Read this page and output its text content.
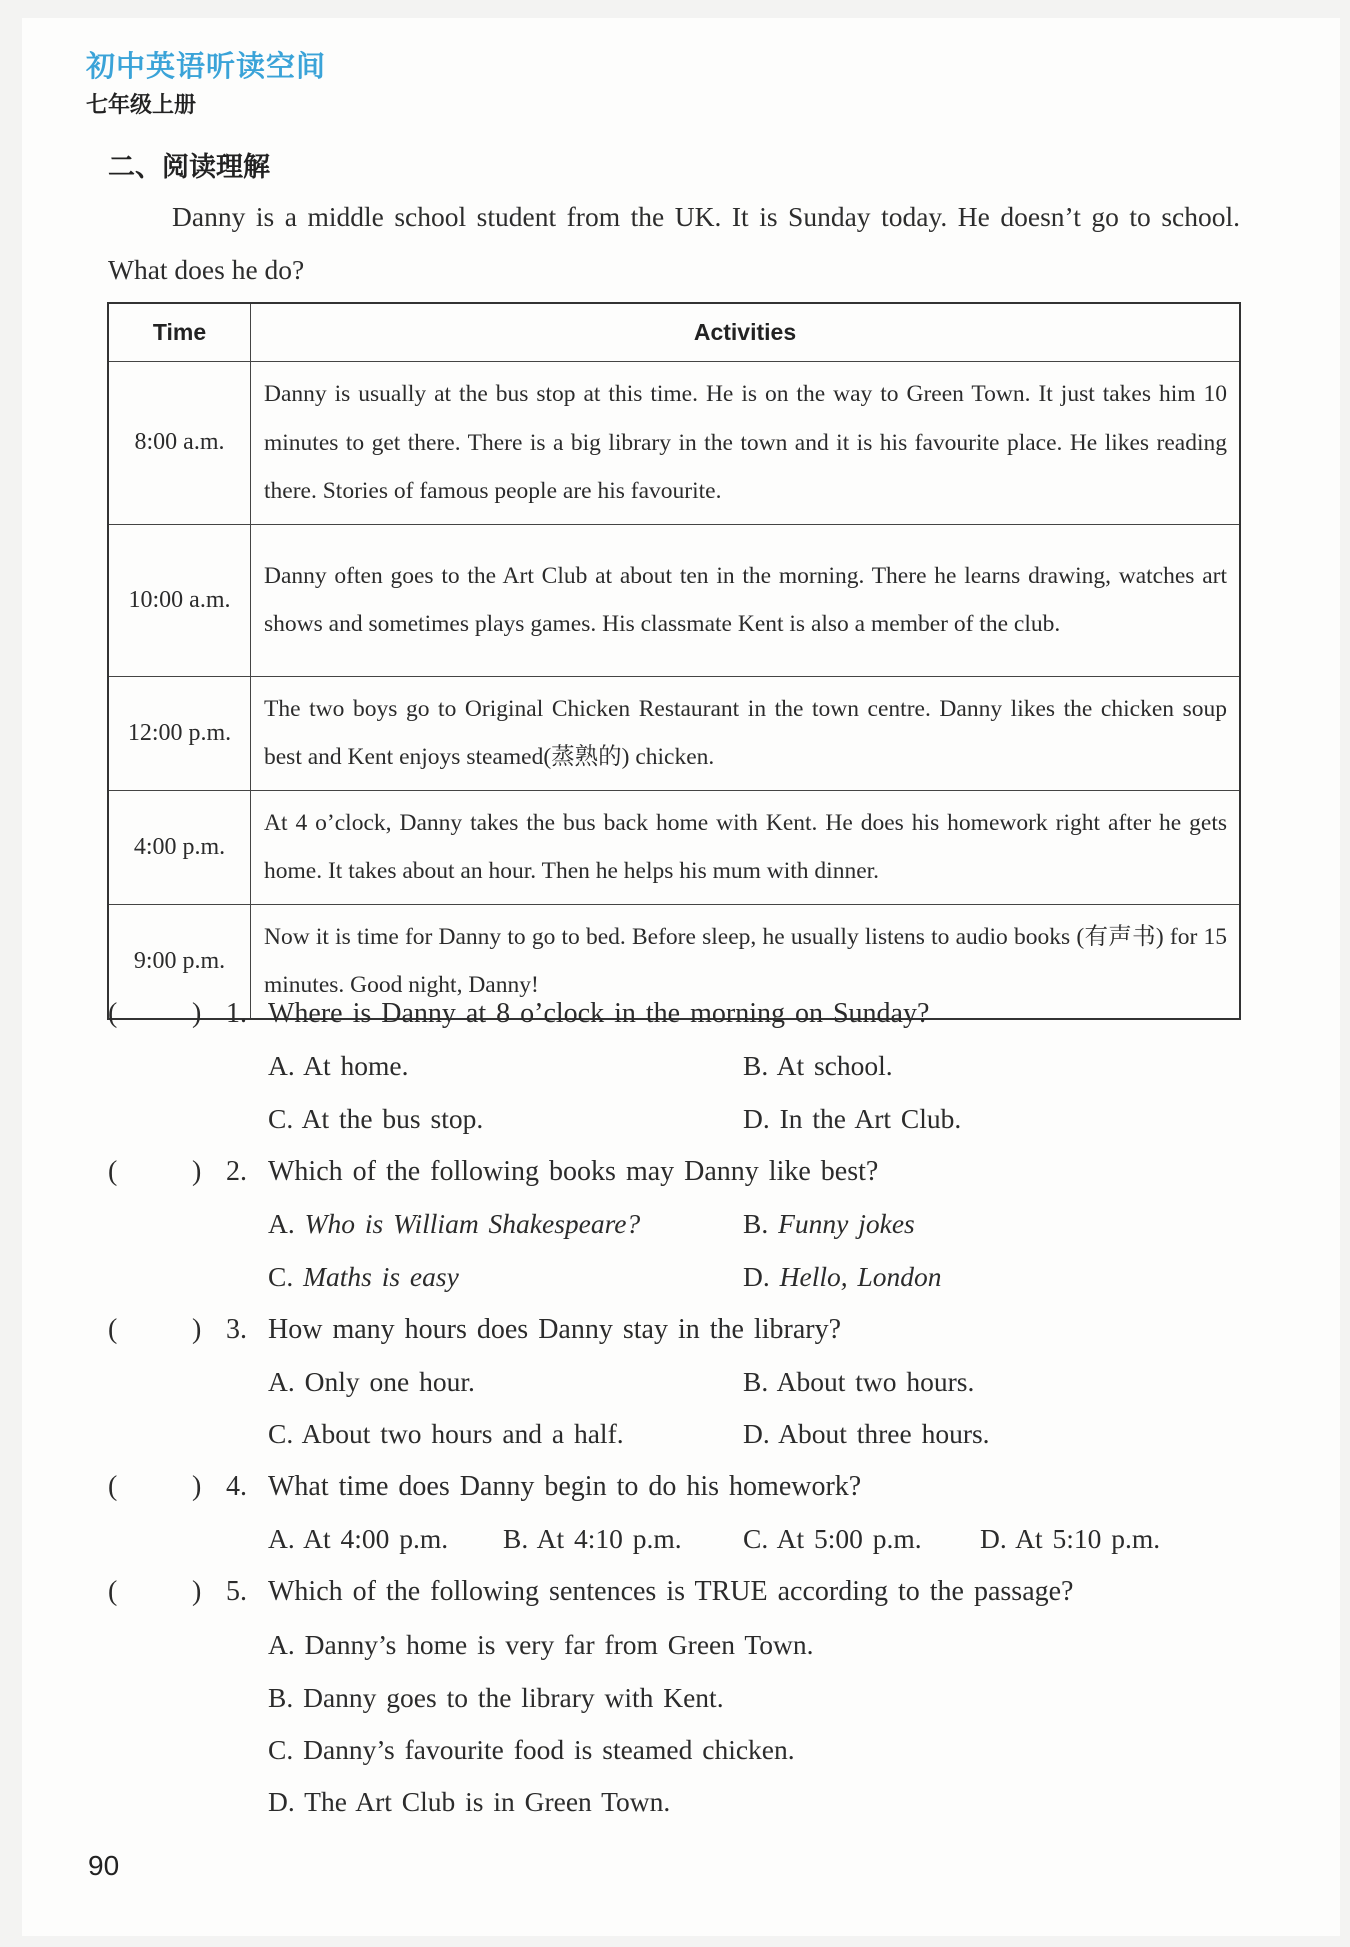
初中英语听读空间
七年级上册
二、阅读理解
Danny is a middle school student from the UK. It is Sunday today. He doesn’t go to school. What does he do?
Time	Activities
8:00 a.m.	Danny is usually at the bus stop at this time. He is on the way to Green Town. It just takes him 10 minutes to get there. There is a big library in the town and it is his favourite place. He likes reading there. Stories of famous people are his favourite.
10:00 a.m.	Danny often goes to the Art Club at about ten in the morning. There he learns drawing, watches art shows and sometimes plays games. His classmate Kent is also a member of the club.
12:00 p.m.	The two boys go to Original Chicken Restaurant in the town centre. Danny likes the chicken soup best and Kent enjoys steamed(蒸熟的) chicken.
4:00 p.m.	At 4 o’clock, Danny takes the bus back home with Kent. He does his homework right after he gets home. It takes about an hour. Then he helps his mum with dinner.
9:00 p.m.	Now it is time for Danny to go to bed. Before sleep, he usually listens to audio books (有声书) for 15 minutes. Good night, Danny!
(	) 1. Where is Danny at 8 o’clock in the morning on Sunday?
A. At home.	B. At school.
C. At the bus stop.	D. In the Art Club.
(	) 2. Which of the following books may Danny like best?
A. Who is William Shakespeare?	B. Funny jokes
C. Maths is easy	D. Hello, London
(	) 3. How many hours does Danny stay in the library?
A. Only one hour.	B. About two hours.
C. About two hours and a half.	D. About three hours.
(	) 4. What time does Danny begin to do his homework?
A. At 4:00 p.m. B. At 4:10 p.m. C. At 5:00 p.m. D. At 5:10 p.m.
(	) 5. Which of the following sentences is TRUE according to the passage?
A. Danny’s home is very far from Green Town.
B. Danny goes to the library with Kent.
C. Danny’s favourite food is steamed chicken.
D. The Art Club is in Green Town.
90
